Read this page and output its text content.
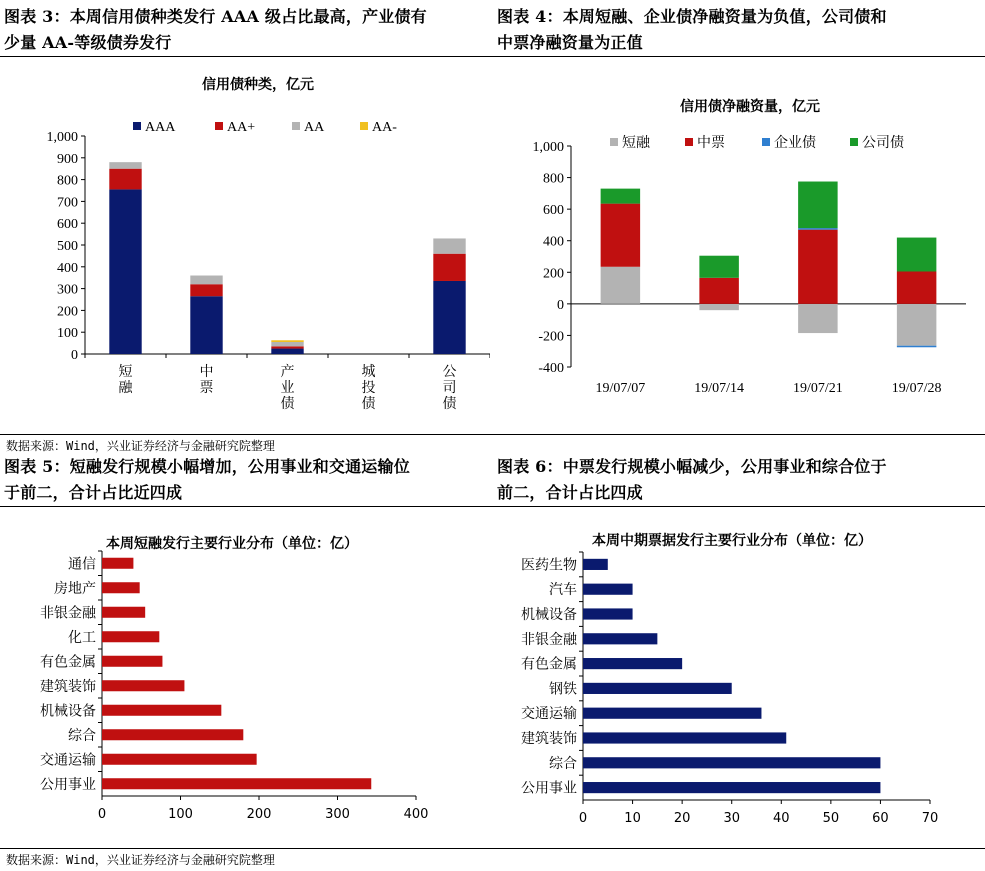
图表 3：本周信用债种类发行 AAA 级占比最高，产业债有
少量 AA-等级债券发行
图表 4：本周短融、企业债净融资量为负值，公司债和
中票净融资量为正值
信用债种类，亿元
AAA	AA+	AA	AA-
0
100
200
300
400
500
600
700
800
900
1,000
短
融
中
票
产
业
债
城
投
债
公
司
债
信用债净融资量，亿元
短融	中票	企业债	公司债
-400
-200
0
200
400
600
800
1,000
19/07/07	19/07/14	19/07/21	19/07/28
数据来源：Wind，兴业证券经济与金融研究院整理
图表 5：短融发行规模小幅增加，公用事业和交通运输位
于前二，合计占比近四成
图表 6：中票发行规模小幅减少，公用事业和综合位于
前二，合计占比四成
本周短融发行主要行业分布（单位：亿）
0	100	200	300	400
通信
房地产
非银金融
化工
有色金属
建筑装饰
机械设备
综合
交通运输
公用事业
本周中期票据发行主要行业分布（单位：亿）
0	10	20	30	40	50	60	70
医药生物
汽车
机械设备
非银金融
有色金属
钢铁
交通运输
建筑装饰
综合
公用事业
数据来源：Wind，兴业证券经济与金融研究院整理
